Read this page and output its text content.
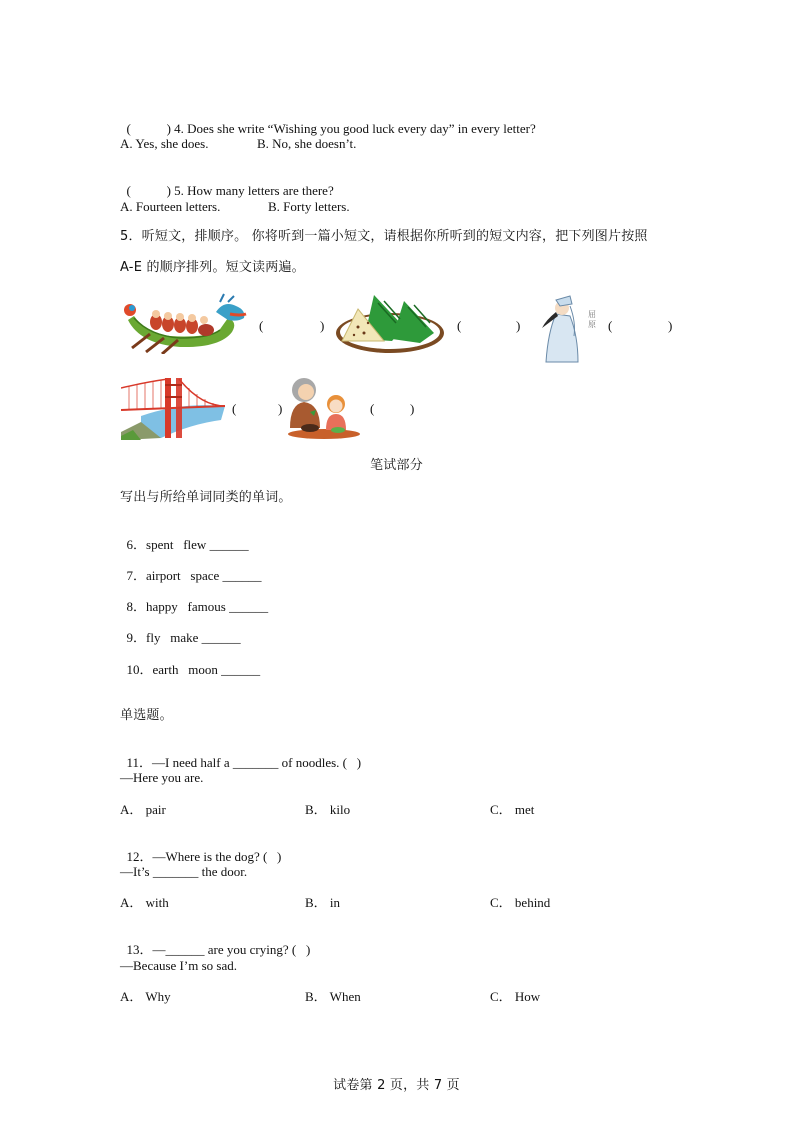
(           ) 4. Does she write “Wishing you good luck every day” in every letter?

A. Yes, she does.	B. No, she doesn’t.

(           ) 5. How many letters are there?

A. Fourteen letters.	B. Forty letters.
5．听短文，排顺序。 你将听到一篇小短文，请根据你所听到的短文内容，把下列图片按照
A-E 的顺序排列。短文读两遍。
(	)	(	)
屈原 (	)
(	)	(	)
笔试部分
写出与所给单词同类的单词。

6．spent   flew ______

7．airport   space ______

8．happy   famous ______

9．fly   make ______

10．earth   moon ______

单选题。

11．—I need half a _______ of noodles. (   )

—Here you are.
A． pair	B． kilo	C． met

12．—Where is the dog? (   )

—It’s _______ the door.
A． with	B． in	C． behind

13．—______ are you crying? (   )

—Because I’m so sad.
A． Why	B． When	C． How
试卷第 2 页，共 7 页
